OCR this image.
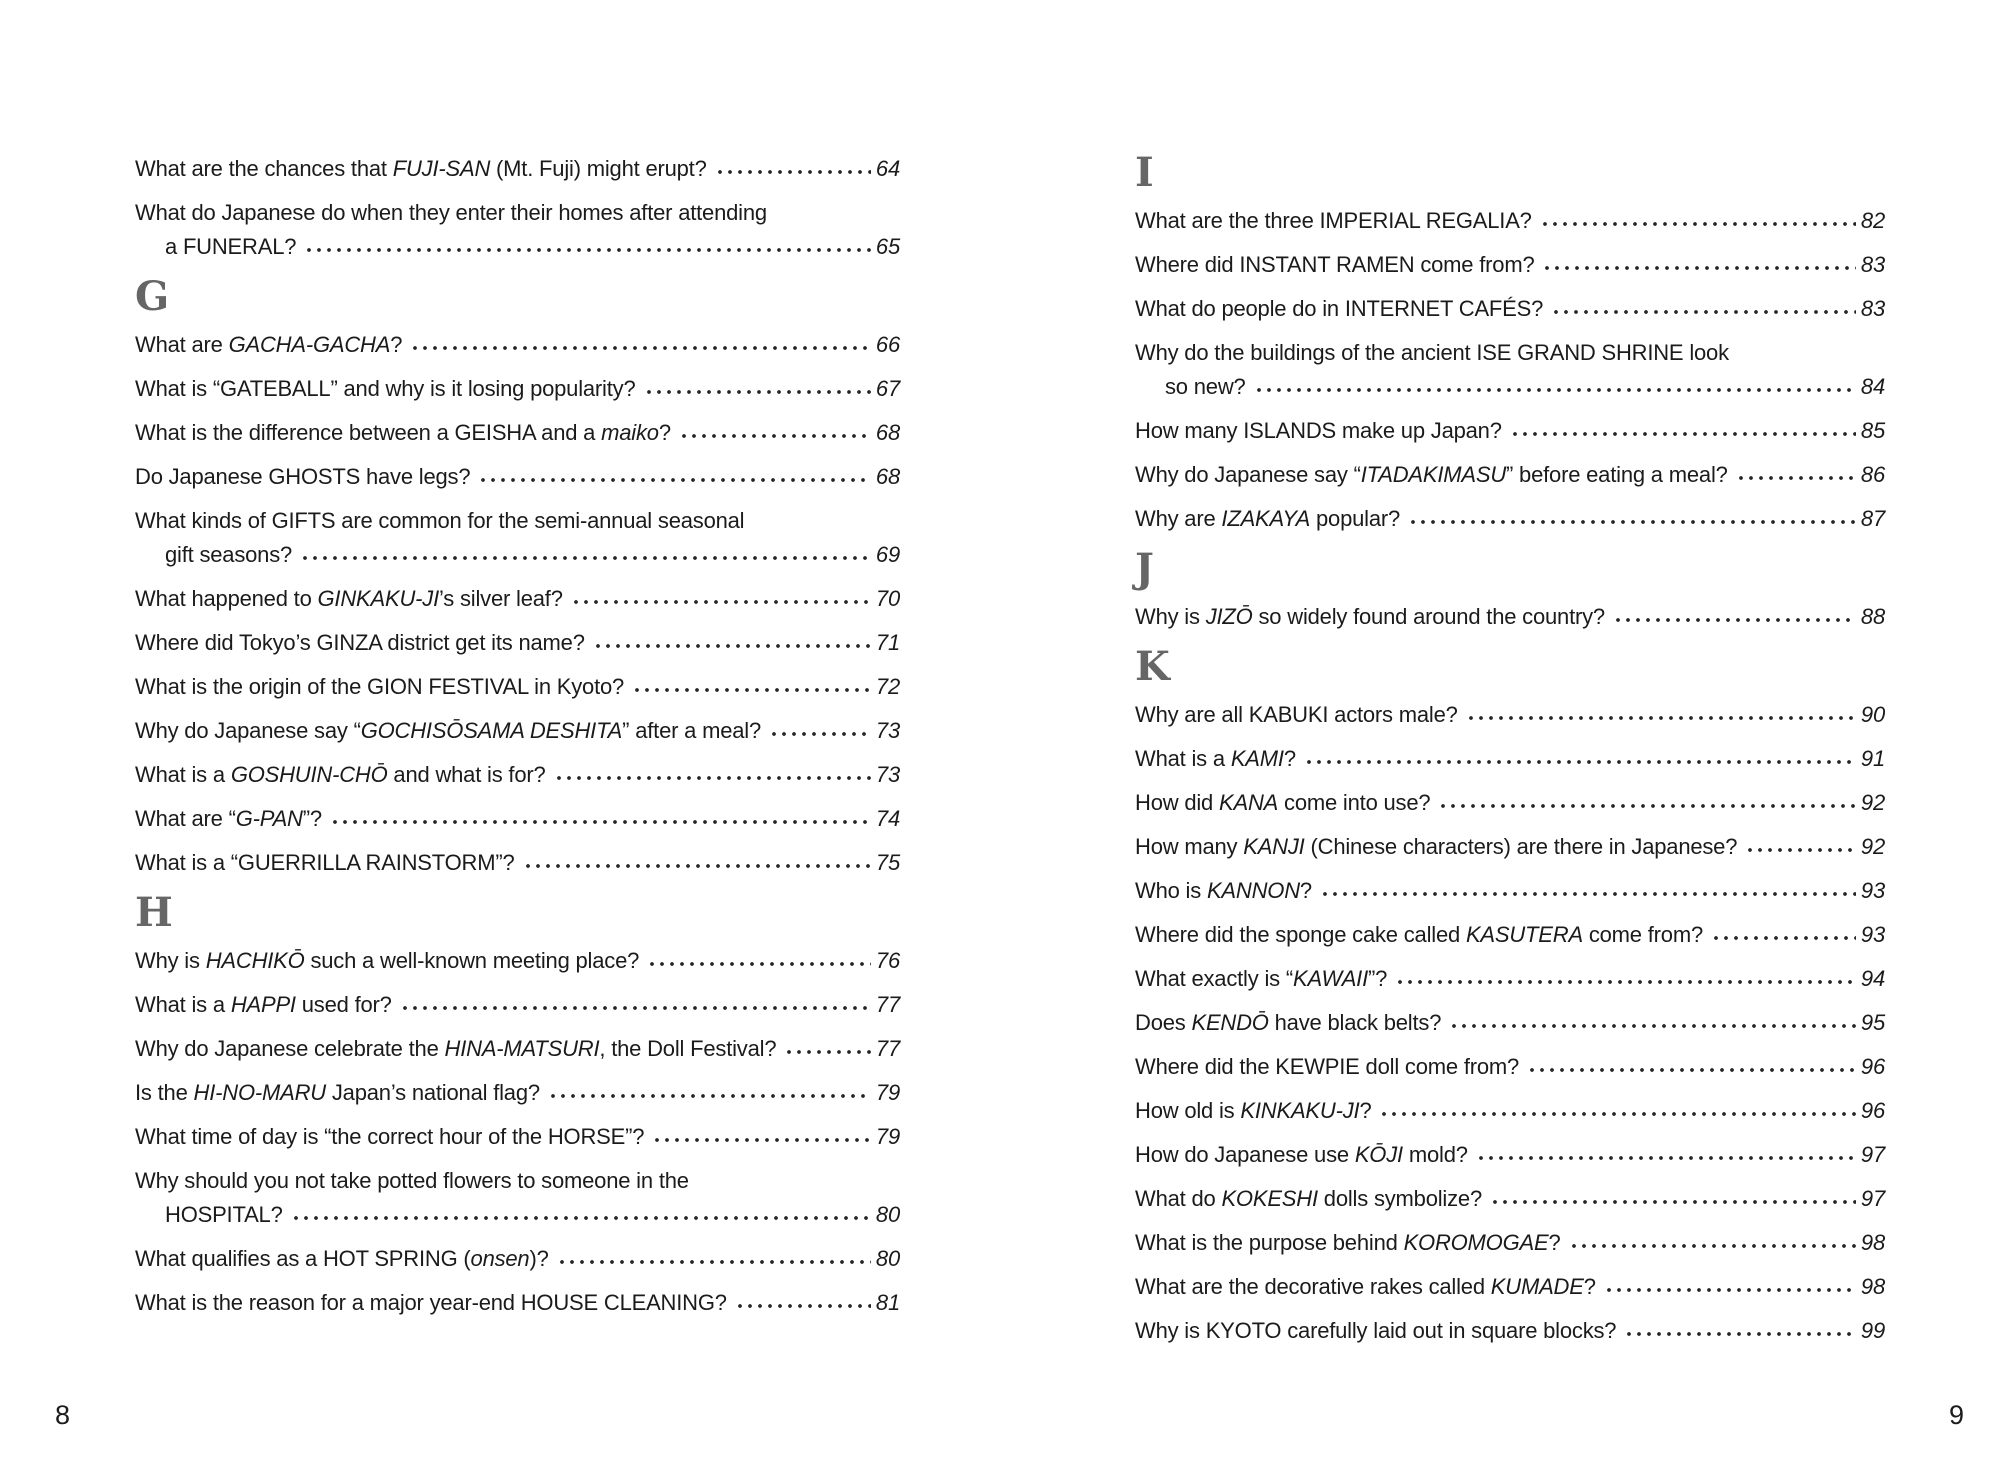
What are the chances that FUJI-SAN (Mt. Fuji) might erupt?	64
What do Japanese do when they enter their homes after attending
a FUNERAL?	65
G
What are GACHA-GACHA?	66
What is “GATEBALL” and why is it losing popularity?	67
What is the difference between a GEISHA and a maiko?	68
Do Japanese GHOSTS have legs?	68
What kinds of GIFTS are common for the semi-annual seasonal
gift seasons?	69
What happened to GINKAKU-JI’s silver leaf?	70
Where did Tokyo’s GINZA district get its name?	71
What is the origin of the GION FESTIVAL in Kyoto?	72
Why do Japanese say “GOCHISŌSAMA DESHITA” after a meal?	73
What is a GOSHUIN-CHŌ and what is for?	73
What are “G-PAN”?	74
What is a “GUERRILLA RAINSTORM”?	75
H
Why is HACHIKŌ such a well-known meeting place?	76
What is a HAPPI used for?	77
Why do Japanese celebrate the HINA-MATSURI, the Doll Festival?	77
Is the HI-NO-MARU Japan’s national flag?	79
What time of day is “the correct hour of the HORSE”?	79
Why should you not take potted flowers to someone in the
HOSPITAL?	80
What qualifies as a HOT SPRING (onsen)?	80
What is the reason for a major year-end HOUSE CLEANING?	81
I
What are the three IMPERIAL REGALIA?	82
Where did INSTANT RAMEN come from?	83
What do people do in INTERNET CAFÉS?	83
Why do the buildings of the ancient ISE GRAND SHRINE look
so new?	84
How many ISLANDS make up Japan?	85
Why do Japanese say “ITADAKIMASU” before eating a meal?	86
Why are IZAKAYA popular?	87
J
Why is JIZŌ so widely found around the country?	88
K
Why are all KABUKI actors male?	90
What is a KAMI?	91
How did KANA come into use?	92
How many KANJI (Chinese characters) are there in Japanese?	92
Who is KANNON?	93
Where did the sponge cake called KASUTERA come from?	93
What exactly is “KAWAII”?	94
Does KENDŌ have black belts?	95
Where did the KEWPIE doll come from?	96
How old is KINKAKU-JI?	96
How do Japanese use KŌJI mold?	97
What do KOKESHI dolls symbolize?	97
What is the purpose behind KOROMOGAE?	98
What are the decorative rakes called KUMADE?	98
Why is KYOTO carefully laid out in square blocks?	99
8	9
